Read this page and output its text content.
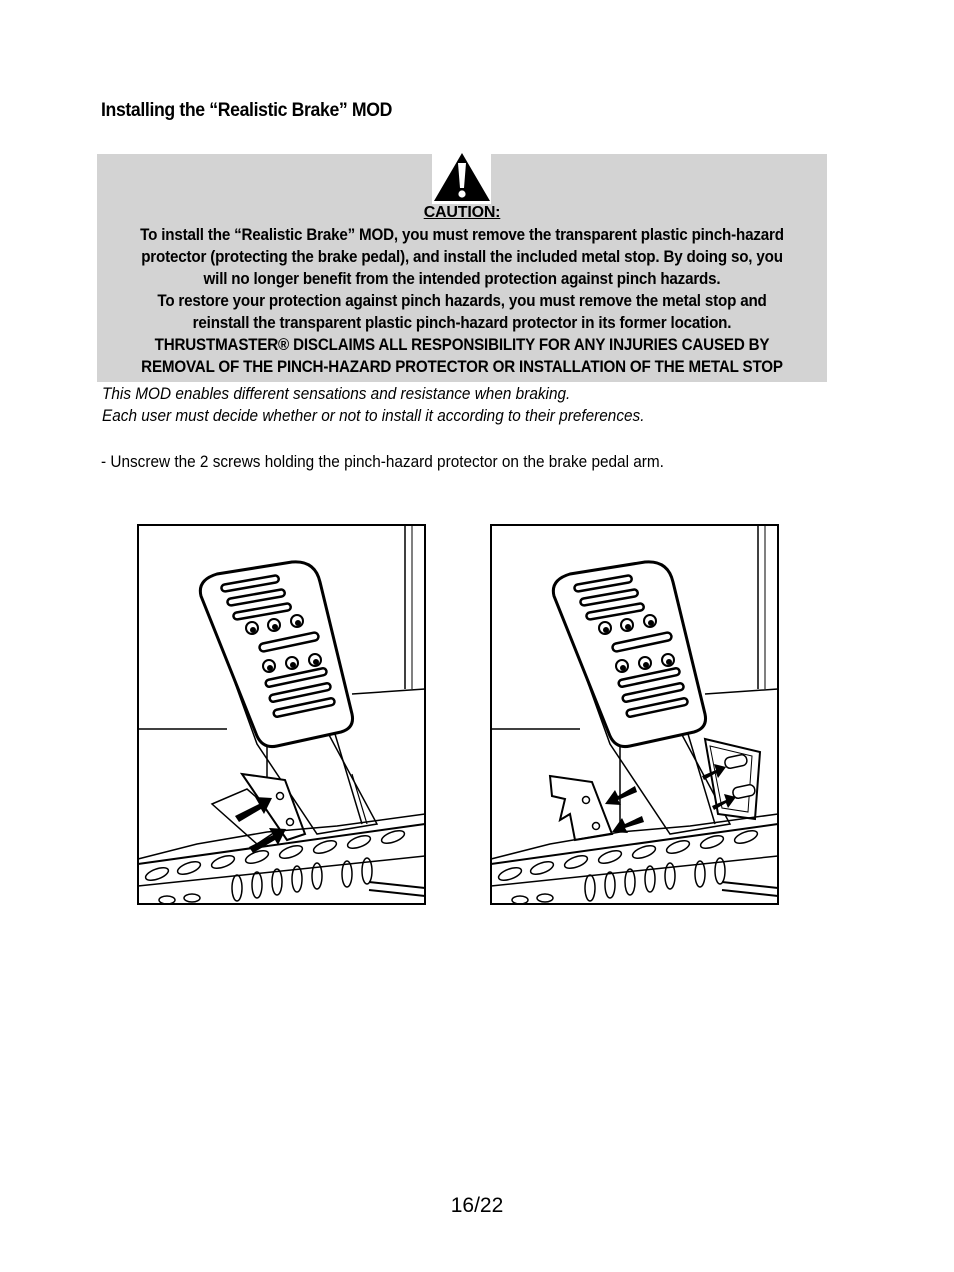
Installing the “Realistic Brake” MOD
CAUTION:
To install the “Realistic Brake” MOD, you must remove the transparent plastic pinch-hazard
protector (protecting the brake pedal), and install the included metal stop. By doing so, you
will no longer benefit from the intended protection against pinch hazards.
To restore your protection against pinch hazards, you must remove the metal stop and
reinstall the transparent plastic pinch-hazard protector in its former location.
THRUSTMASTER® DISCLAIMS ALL RESPONSIBILITY FOR ANY INJURIES CAUSED BY
REMOVAL OF THE PINCH-HAZARD PROTECTOR OR INSTALLATION OF THE METAL STOP
This MOD enables different sensations and resistance when braking.
Each user must decide whether or not to install it according to their preferences.
- Unscrew the 2 screws holding the pinch-hazard protector on the brake pedal arm.
16/22
